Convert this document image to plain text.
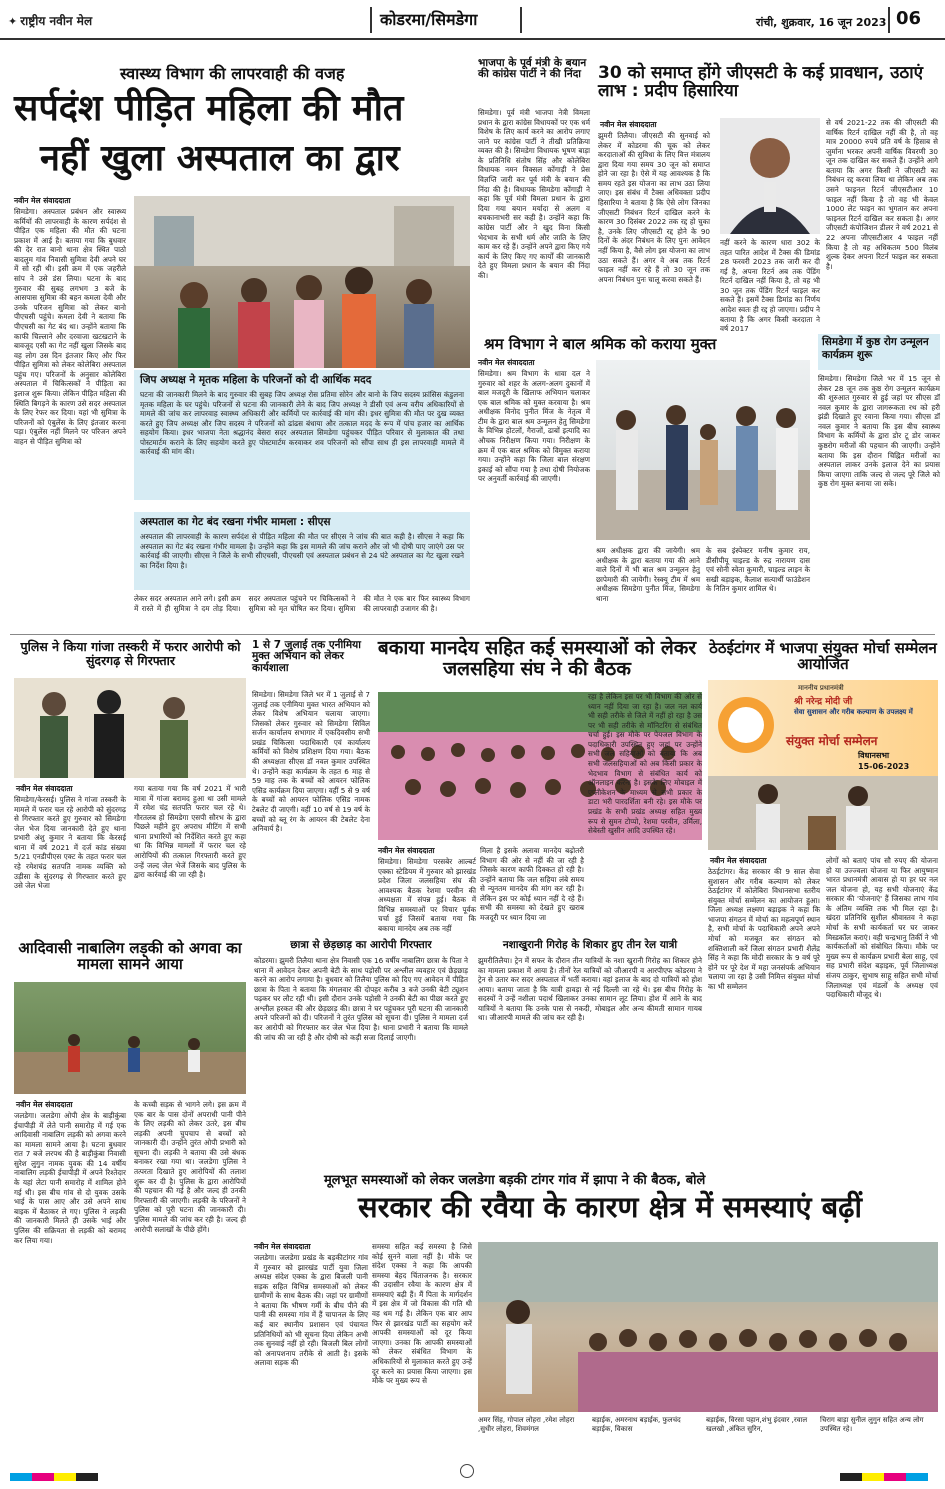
✦ राष्ट्रीय नवीन मेल	कोडरमा/सिमडेगा	रांची, शुक्रवार, 16 जून 2023 06
स्वास्थ्य विभाग की लापरवाही की वजह
सर्पदंश पीड़ित महिला की मौत
नहीं खुला अस्पताल का द्वार
नवीन मेल संवाददाता
सिमडेगा। अस्पताल प्रबंधन और स्वास्थ्य कर्मियों की लापरवाही के कारण सर्पदंश से पीड़ित एक महिला की मौत की घटना प्रकाश में आई है। बताया गया कि बुधवार की देर रात बानो थाना क्षेत्र स्थित पाठो बादलुम गांव निवासी सुमित्रा देवी अपने घर में सो रही थी। इसी क्रम में एक जहरीले सांप ने उसे डंस लिया। घटना के बाद गुरुवार की सुबह लगभग 3 बजे के आसपास सुमित्रा की बहन कमला देवी और उनके परिजन सुमित्रा को लेकर बानो पीएचसी पहुंचे। कमला देवी ने बताया कि पीएचसी का गेट बंद था। उन्होंने बताया कि काफी चिल्लाने और दरवाजा खटखटाने के बावजूद एसी का गेट नहीं खुला जिसके बाद वह लोग उस दिन इंतजार किए और फिर पीड़ित सुमित्रा को लेकर कोलेबिरा अस्पताल पहुंच गए। परिजनों के अनुसार कोलेबिरा अस्पताल में चिकित्सकों ने पीड़िता का इलाज शुरू किया। लेकिन पीड़ित महिला की स्थिति बिगड़ने के कारण उसे सदर अस्पताल के लिए रेफर कर दिया। यहां भी सुमित्रा के परिजनों को एंबुलेंस के लिए इंतजार करना पड़ा। एंबुलेंस नहीं मिलने पर परिजन अपने वाहन से पीड़ित सुमित्रा को
जिप अध्यक्ष ने मृतक महिला के परिजनों को दी आर्थिक मदद
घटना की जानकारी मिलने के बाद गुरुवार की सुबह जिप अध्यक्ष रोस प्रतिमा सोरेन और बानो के जिप सदस्य फ्रांसिस कंडुलना मृतक महिला के घर पहुंचे। परिजनों से घटना की जानकारी लेने के बाद जिप अध्यक्ष ने डीसी एवं अन्य वरीय अधिकारियों से मामले की जांच कर लापरवाह स्वास्थ्य अधिकारी और कर्मियों पर कार्रवाई की मांग की। इधर सुमित्रा की मौत पर दुख व्यक्त करते हुए जिप अध्यक्ष और जिप सदस्य ने परिजनों को ढांढस बंधाया और तत्काल मदद के रूप में पांच हजार का आर्थिक सहयोग किया। इधर भाजपा नेता श्रद्धानंद बेसरा सदर अस्पताल सिमडेगा पहुंचकर पीड़ित परिवार से मुलाकात की तथा पोस्टमार्टम कराने के लिए सहयोग करते हुए पोस्टमार्टम करवाकर शव परिजनों को सौंपा साथ ही इस लापरवाही मामले में कार्रवाई की मांग की।
अस्पताल का गेट बंद रखना गंभीर मामला : सीएस
अस्पताल की लापरवाही के कारण सर्पदंश से पीड़ित महिला की मौत पर सीएस ने जांच की बात कही है। सीएस ने कहा कि अस्पताल का गेट बंद रखना गंभीर मामला है। उन्होंने कहा कि इस मामले की जांच कराने और जो भी दोषी पाए जाएंगे उस पर कार्रवाई की जाएगी। सीएस ने जिले के सभी सीएचसी, पीएचसी एवं अस्पताल प्रबंधन से 24 घंटे अस्पताल का गेट खुला रखने का निर्देश दिया है।
लेकर सदर अस्पताल आने लगे। इसी क्रम में रास्ते में ही सुमित्रा ने दम तोड़ दिया। सदर अस्पताल पहुंचने पर चिकित्सकों ने सुमित्रा को मृत घोषित कर दिया। सुमित्रा की मौत ने एक बार फिर स्वास्थ्य विभाग की लापरवाही उजागर की है।
भाजपा के पूर्व मंत्री के बयान की कांग्रेस पार्टी ने की निंदा
सिमडेगा। पूर्व मंत्री भाजपा नेत्री विमला प्रधान के द्वारा कांग्रेस विधायकों पर एक धर्म विशेष के लिए कार्य करने का आरोप लगाए जाने पर कांग्रेस पार्टी ने तीखी प्रतिक्रिया व्यक्त की है। सिमडेगा विधायक भूषण बाड़ा के प्रतिनिधि संतोष सिंह और कोलेबिरा विधायक नमन विक्सल कोंगाड़ी ने प्रेस विज्ञप्ति जारी कर पूर्व मंत्री के बयान की निंदा की है। विधायक सिमडेगा कोंगाड़ी ने कहा कि पूर्व मंत्री विमला प्रधान के द्वारा दिया गया बयान मर्यादा से अलग व बचकानाभरी सर कही है। उन्होंने कहा कि कांग्रेस पार्टी और ने खुद विना किसी भेदभाव के सभी धर्म और जाति के लिए काम कर रहे हैं। उन्होंने अपने द्वारा किए गये कार्य के लिए किए गए कार्यों की जानकारी देते हुए विमला प्रधान के बयान की निंदा की।
30 को समाप्त होंगे जीएसटी के कई प्रावधान, उठाएं लाभ : प्रदीप हिसारिया
नवीन मेल संवाददाता
झुमरी तिलैया। जीएसटी की सुनवाई को लेकर में कोडरमा की चूक को लेकर करदाताओं की सुविधा के लिए वित्त मंत्रालय द्वारा दिया गया समय 30 जून को समाप्त होने जा रहा है। ऐसे में यह आवश्यक है कि समय रहते इस योजना का लाभ उठा लिया जाए। इस संबंध में टैक्स अधिवक्ता प्रदीप हिसारिया ने बताया है कि ऐसे लोग जिनका जीएसटी निबंधन रिटर्न दाखिल करने के कारण 30 दिसंबर 2022 तक रद्द हो चुका है, उनके लिए जीएसटी रद्द होने के 90 दिनों के अंदर निबंधन के लिए पुनः आवेदन नहीं किया है, वैसे लोग इस योजना का लाभ उठा सकते हैं। अगर वे अब तक रिटर्न फाइल नहीं कर रहे हैं तो 30 जून तक अपना निबंधन पुनः चालू करवा सकते हैं।
नहीं करने के कारण धारा 302 के तहत पारित आदेश में टैक्स की डिमांड 28 फरवरी 2023 तक जारी कर दी गई है, अपना रिटर्न अब तक पेंडिंग रिटर्न दाखिल नहीं किया है, तो वह भी 30 जून तक पेंडिंग रिटर्न फाइल कर सकते हैं। इसमें टैक्स डिमांड का निर्णय आदेश स्वतः ही रद्द हो जाएगा। प्रदीप ने बताया है कि अगर किसी करदाता ने वर्ष 2017
से वर्ष 2021-22 तक की जीएसटी की वार्षिक रिटर्न दाखिल नहीं की है, तो वह मात्र 20000 रुपये प्रति वर्ष के हिसाब से जुर्माना भरकर अपनी वार्षिक विवरणी 30 जून तक दाखिल कर सकते हैं। उन्होंने आगे बताया कि अगर किसी ने जीएसटी का निबंधन रद्द करवा लिया था लेकिन अब तक उसने फाइनल रिटर्न जीएसटीआर 10 फाइल नहीं किया है तो वह भी केवल 1000 लेट फाइन का भुगतान कर अपना फाइनल रिटर्न दाखिल कर सकता है। अगर जीएसटी कंपोजिशन डीलर ने वर्ष 2021 से 22 अपना जीएसटीआर 4 फाइल नहीं किया है तो वह अधिकतम 500 विलंब शुल्क देकर अपना रिटर्न फाइल कर सकता है।
श्रम विभाग ने बाल श्रमिक को कराया मुक्त
नवीन मेल संवाददाता
सिमडेगा। श्रम विभाग के धावा दल ने गुरुवार को शहर के अलग-अलग दुकानों में बाल मजदूरी के खिलाफ अभियान चलाकर एक बाल श्रमिक को मुक्त करवाया है। श्रम अधीक्षक विनोद पुनीत मिंज के नेतृत्व में टीम के द्वारा बाल श्रम उन्मूलन हेतु सिमडेगा के विभिन्न होटलों, गैराजों, ढाबों इत्यादि का औचक निरीक्षण किया गया। निरीक्षण के क्रम में एक बाल श्रमिक को विमुक्त कराया गया। उन्होंने कहा कि जिला बाल संरक्षण इकाई को सौंपा गया है तथा दोषी नियोजक पर अनुवर्ती कार्रवाई की जाएगी।
श्रम अधीक्षक द्वारा की जायेगी। श्रम अधीक्षक के द्वारा बताया गया की आने वाले दिनों में भी बाल श्रम उन्मूलन हेतु छापेमारी की जायेगी। रेस्क्यू टीम में श्रम अधीक्षक सिमडेगा पुनीत मिंज, सिमडेगा थाना
के सब इंस्पेक्टर मनीष कुमार राय, डीसीपीयू चाइल्ड के रुद्र नारायण दास एवं सोनी स्वेता कुमारी, चाइल्ड लाइन के सखी बड़ाइक, कैलाश सत्यार्थी फाउंडेशन के नितिन कुमार शामिल थे।
सिमडेगा में कुष्ठ रोग उन्मूलन कार्यक्रम शुरू
सिमडेगा। सिमडेगा जिले भर में 15 जून से लेकर 28 जून तक कुष्ठ रोग उन्मूलन कार्यक्रम की शुरुआत गुरुवार से हुई जहां पर सीएस डॉ नवल कुमार के द्वारा जागरूकता रथ को हरी झंडी दिखाते हुए रवाना किया गया। सीएस डॉ नवल कुमार ने बताया कि इस बीच स्वास्थ्य विभाग के कर्मियों के द्वारा डोर टू डोर जाकर कुष्ठरोग मरीजों की पहचान की जाएगी। उन्होंने बताया कि इस दौरान चिह्नित मरीजों का अस्पताल लाकर उनके इलाज देने का प्रयास किया जाएगा ताकि जल्द से जल्द पूरे जिले को कुष्ठ रोग मुक्त बनाया जा सके।
पुलिस ने किया गांजा तस्करी में फरार आरोपी को सुंदरगढ़ से गिरफ्तार
नवीन मेल संवाददाता
सिमडेगा/केरसई। पुलिस ने गांजा तस्करी के मामले में फरार चल रहे आरोपी को सुंदरगढ़ से गिरफ्तार करते हुए गुरुवार को सिमडेगा जेल भेज दिया जानकारी देते हुए थाना प्रभारी अंशु कुमार ने बताया कि केरसई थाना में वर्ष 2021 में दर्ज कांड संख्या 5/21 एनडीपीएस एक्ट के तहत फरार चल रहे रमेशचंद्र सतपति नामक व्यक्ति को उड़ीसा के सुंदरगढ़ से गिरफ्तार करते हुए उसे जेल भेजा
गया बताया गया कि वर्ष 2021 में भारी मात्रा में गांजा बरामद हुआ था उसी मामले में रमेश चंद्र सतपति फरार चल रहे थे। गौरतलब हो सिमडेगा एसपी सौरभ के द्वारा पिछले महीने हुए अपराध मीटिंग में सभी थाना प्रभारियों को निर्देशित करते हुए कहा था कि विभिन्न मामलों में फरार चल रहे आरोपियों की तत्काल गिरफ्तारी करते हुए उन्हें जल्द जेल भेजें जिसके बाद पुलिस के द्वारा कार्रवाई की जा रही है।
1 से 7 जुलाई तक एनीमिया मुक्त अभियान को लेकर कार्यशाला
सिमडेगा। सिमडेगा जिले भर में 1 जुलाई से 7 जुलाई तक एनीमिया मुक्त भारत अभियान को लेकर विशेष अभियान चलाया जाएगा। जिसको लेकर गुरुवार को सिमडेगा सिविल सर्जन कार्यालय सभागार में एकदिवसीय सभी प्रखंड चिकित्सा पदाधिकारी एवं कार्यालय कर्मियों को विशेष प्रशिक्षण दिया गया। बैठक की अध्यक्षता सीएस डॉ नवल कुमार उपस्थित थे। उन्होंने कहा कार्यक्रम के तहत 6 माह से 59 माह तक के बच्चों को आयरन फोलिक एसिड कार्यक्रम दिया जाएगा। वहीं 5 से 9 वर्ष के बच्चों को आयरन फोलिक एसिड नामक टेबलेट दी जाएगी। वहीं 10 वर्ष से 19 वर्ष के बच्चों को ब्लू रंग के आयरन की टेबलेट देना अनिवार्य है।
बकाया मानदेय सहित कई समस्याओं को लेकर जलसहिया संघ ने की बैठक
नवीन मेल संवाददाता
सिमडेगा। सिमडेगा परसबेर आल्बर्ट एक्का स्टेडियम में गुरुवार को झारखंड प्रदेश जिला जलसहिया संघ की आवश्यक बैठक रेशमा परवीन की अध्यक्षता में संपन्न हुई। बैठक में विभिन्न समस्याओं पर विचार पूर्वक चर्चा हुई जिसमें बताया गया कि बकाया मानदेय अब तक नहीं
मिला है इसके अलावा मानदेय बढ़ोतरी विभाग की ओर से नहीं की जा रही है जिसके कारण काफी दिक्कत हो रही है। उन्होंने बताया कि जल सहिया लंबे समय से न्यूनतम मानदेय की मांग कर रही है। लेकिन इस पर कोई ध्यान नहीं दे रहे हैं। सभी की समस्या को देखते हुए खराब मजदूरी पर ध्यान दिया जा
रहा है लेकिन इस पर भी विभाग की ओर से ध्यान नहीं दिया जा रहा है। जल नल कार्य भी सही तरीके से जिले में नहीं हो रहा है उस पर भी सही तरीके से मॉनिटरिंग से संबंधित चर्चा हुई। इस मौके पर पेयजल विभाग के पदाधिकारी उपस्थित हुए जहां पर उन्होंने सभी जल सहियाओं को बताया कि अब सभी जलसहियाओं को अब किसी प्रकार के भेदभाव विभाग से संबंधित कार्य को ऑनलाइन करना है। इसके लिए मोबाइल में एप्लीकेशन के माध्यम से सभी प्रकार के डाटा भरी पारदर्शिता बनी रहे। इस मौके पर प्रखंड के सभी प्रखंड अध्यक्ष सहित मुख्य रूप से सुमन टोप्पो, रेशमा परवीन, उर्मिला, सेबेस्ती खुसीन आदि उपस्थित रहे।
ठेठईटांगर में भाजपा संयुक्त मोर्चा सम्मेलन आयोजित
माननीय प्रधानमंत्री
श्री नरेन्द्र मोदी जी
सेवा सुशासन और गरीब कल्याण के उपलक्ष्य में
संयुक्त मोर्चा सम्मेलन
विधानसभा
15-06-2023
नवीन मेल संवाददाता
ठेठईटांगर। केंद्र सरकार की 9 साल सेवा सुशासन और गरीब कल्याण को लेकर ठेठईटांगर में कोलेबिरा विधानसभा स्तरीय संयुक्त मोर्चा सम्मेलन का आयोजन हुआ। जिला अध्यक्ष लक्ष्मण बड़ाइक ने कहा कि भाजपा संगठन में मोर्चा का महत्वपूर्ण स्थान है, सभी मोर्चा के पदाधिकारी अपने अपने मोर्चा को मजबूत कर संगठन को शक्तिशाली करें जिला संगठन प्रभारी शैलेंद्र सिंह ने कहा कि मोदी सरकार के 9 वर्ष पूरे होने पर पूरे देश में महा जनसंपर्क अभियान चलाया जा रहा है उसी निमित्त संयुक्त मोर्चा का भी सम्मेलन
लोगों को बताएं पांच सौ रुपए की योजना हो या उज्ज्वला योजना या फिर आयुष्मान भारत प्रधानमंत्री आवास हो या हर घर नल जल योजना हो, यह सभी योजनाएं केंद्र सरकार की 'योजनाएं' हैं जिसका लाभ गांव के अंतिम व्यक्ति तक भी मिल रहा है। खंदरा प्रतिनिधि सुशील श्रीवास्तव ने कहा मोर्चा के सभी कार्यकर्ता घर घर जाकर मिस्डकॉल कराएं। वही चन्द्रभानु तिर्की ने भी कार्यकर्ताओं को संबोधित किया। मौके पर मुख्य रूप से कार्यक्रम प्रभारी बेला साहू, एवं सह प्रभारी संदेश बड़ाइक, पूर्व जिलाध्यक्ष संजय ठाकुर, सुभाष साहू सहित सभी मोर्चा जिलाध्यक्ष एवं मंडलों के अध्यक्ष एवं पदाधिकारी मौजूद थे।
आदिवासी नाबालिग लड़की को अगवा का मामला सामने आया
नवीन मेल संवाददाता
जलडेगा। जलडेगा ओपी क्षेत्र के बाड़ीकुंबा ईचापीड़ी में लेते पानी समारोह में गई एक आदिवासी नाबालिग लड़की को अगवा करने का मामला सामने आया है। घटना बुधवार रात 7 बजे लरपथ की है बाड़ीकुंबा निवासी सुरेश लुगुन नामक युवक की 14 वर्षीय नाबालिग लड़की ईचापीड़ी में अपने रिश्तेदार के यहां लेटा पानी समारोह में शामिल होने गई थी। इस बीच गांव से दो युवक उसके भाई के पास आए और उसे अपने साथ बाइक में बैठाकर ले गए। पुलिस ने लड़की की जानकारी मिलते ही उसके भाई और पुलिस की सक्रियता से लड़की को बरामद कर लिया गया।
के कच्ची सड़क से भागने लगे। इस क्रम में एक बार के पास दोनों अपराधी पानी पीने के लिए लड़की को लेकर उतरे, इस बीच लड़की अपनी चुपचाप से बच्चों को जानकारी दी। उन्होंने तुरंत ओपी प्रभारी को सूचना दी। लड़की ने बताया की उसे बंधक बनाकर रखा गया था। जलडेगा पुलिस ने तत्परता दिखाते हुए आरोपियों की तलाश शुरू कर दी है। पुलिस के द्वारा आरोपियों की पहचान की गई है और जल्द ही उनकी गिरफ्तारी की जाएगी। लड़की के परिजनों ने पुलिस को पूरी घटना की जानकारी दी। पुलिस मामले की जांच कर रही है। जल्द ही आरोपी सलाखों के पीछे होंगे।
छात्रा से छेड़छाड़ का आरोपी गिरफ्तार
कोडरमा। झुमरी तिलैया थाना क्षेत्र निवासी एक 16 वर्षीय नाबालिग छात्रा के पिता ने थाना में आवेदन देकर अपनी बेटी के साथ पड़ोसी पर अश्लील व्यवहार एवं छेड़छाड़ करने का आरोप लगाया है। बुधवार को तिलैया पुलिस को दिए गए आवेदन में पीड़ित छात्रा के पिता ने बताया कि मंगलवार की दोपहर करीब 3 बजे उनकी बेटी ट्यूशन पढ़कर घर लौट रही थी। इसी दौरान उनके पड़ोसी ने उनकी बेटी का पीछा करते हुए अश्लील हरकत की और छेड़छाड़ की। छात्रा ने घर पहुंचकर पूरी घटना की जानकारी अपने परिजनों को दी। परिजनों ने तुरंत पुलिस को सूचना दी। पुलिस ने मामला दर्ज कर आरोपी को गिरफ्तार कर जेल भेज दिया है। थाना प्रभारी ने बताया कि मामले की जांच की जा रही है और दोषी को कड़ी सजा दिलाई जाएगी।
नशाखुरानी गिरोह के शिकार हुए तीन रेल यात्री
झुमरीतिलैया। ट्रेन में सफर के दौरान तीन यात्रियों के नशा खुरानी गिरोह का शिकार होने का मामला प्रकाश में आया है। तीनों रेल यात्रियों को जीआरपी व आरपीएफ कोडरमा ने ट्रेन से उतार कर सदर अस्पताल में भर्ती कराया। वहां इलाज के बाद दो यात्रियों को होश आया। बताया जाता है कि यात्री हावड़ा से नई दिल्ली जा रहे थे। इस बीच गिरोह के सदस्यों ने उन्हें नशीला पदार्थ खिलाकर उनका सामान लूट लिया। होश में आने के बाद यात्रियों ने बताया कि उनके पास से नकदी, मोबाइल और अन्य कीमती सामान गायब था। जीआरपी मामले की जांच कर रही है।
मूलभूत समस्याओं को लेकर जलडेगा बड़की टांगर गांव में झापा ने की बैठक, बोले
सरकार की रवैया के कारण क्षेत्र में समस्याएं बढ़ीं
नवीन मेल संवाददाता
जलडेगा। जलडेगा प्रखंड के बड़कीटांगर गांव में गुरुवार को झारखंड पार्टी युवा जिला अध्यक्ष संदेश एक्का के द्वारा बिजली पानी सड़क सहित विभिन्न समस्याओं को लेकर ग्रामीणों के साथ बैठक की। जहां पर ग्रामीणों ने बताया कि भीषण गर्मी के बीच पीने की पानी की समस्या गांव में हैं चापानल के लिए कई बार स्थानीय प्रशासन एवं पंचायत प्रतिनिधियों को भी सूचना दिया लेकिन अभी तक सुनवाई नहीं हो रही। बिजली बिल लोगों को अनापशनाप तरीके से आती है। इसके अलावा सड़क की
समस्या सहित कई समस्या है जिसे कोई सुनने वाला नहीं है। मौके पर संदेश एक्का ने कहा कि आपकी समस्या बेहद चिंताजनक है। सरकार की उदासीन रवैया के कारण क्षेत्र में समस्याएं बढ़ी हैं। मैं पिता के मार्गदर्शन में इस क्षेत्र में जो विकास की गति थी वह थम गई है। लेकिन एक बार आप फिर से झारखंड पार्टी का सहयोग करें आपकी समस्याओं को दूर किया जाएगा। उनका कि आपकी समस्याओं को लेकर संबंधित विभाग के अधिकारियों से मुलाकात करते हुए उन्हें दूर करने का प्रयास किया जाएगा। इस मौके पर मुख्य रूप से
अमर सिंह, गोपाल लोहरा ,रमेश लोहरा ,सुधीर लोहरा, शिवमंगल
बड़ाईक, अमरनाथ बड़ाईक, फुलचंद बड़ाईक, विकास
बड़ाईक, विरसा पहान,शंभु इंदवार ,रवाल खलखो ,अंकित सुरिन,
चिराग बाड़ा सुनील लुगुन सहित अन्य लोग उपस्थित रहे।
